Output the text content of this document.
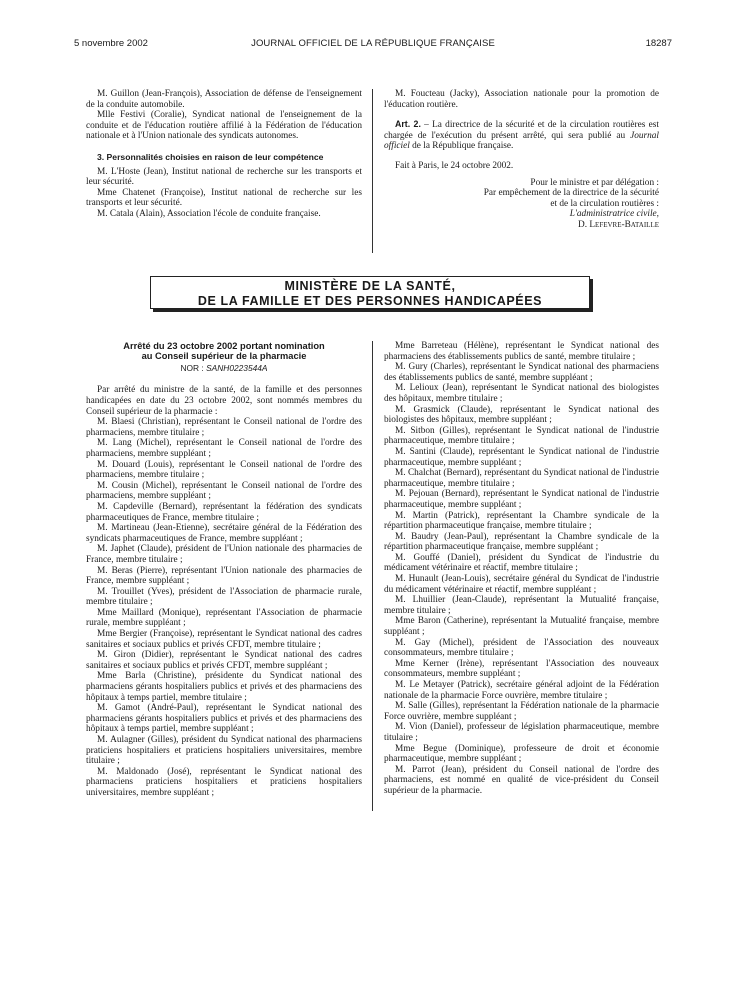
5 novembre 2002	JOURNAL OFFICIEL DE LA RÉPUBLIQUE FRANÇAISE	18287

M. Guillon (Jean-François), Association de défense de l'enseignement de la conduite automobile.

Mlle Festivi (Coralie), Syndicat national de l'enseignement de la conduite et de l'éducation routière affilié à la Fédération de l'éducation nationale et à l'Union nationale des syndicats autonomes.

3. Personnalités choisies en raison de leur compétence

M. L'Hoste (Jean), Institut national de recherche sur les transports et leur sécurité.

Mme Chatenet (Françoise), Institut national de recherche sur les transports et leur sécurité.

M. Catala (Alain), Association l'école de conduite française.

M. Foucteau (Jacky), Association nationale pour la promotion de l'éducation routière.

Art. 2. – La directrice de la sécurité et de la circulation routières est chargée de l'exécution du présent arrêté, qui sera publié au Journal officiel de la République française.

Fait à Paris, le 24 octobre 2002.

Pour le ministre et par délégation :
Par empêchement de la directrice de la sécurité
et de la circulation routières :
L'administratrice civile,
D. Lefevre-Bataille
MINISTÈRE DE LA SANTÉ,
DE LA FAMILLE ET DES PERSONNES HANDICAPÉES
Arrêté du 23 octobre 2002 portant nomination
au Conseil supérieur de la pharmacie
NOR : SANH0223544A

Par arrêté du ministre de la santé, de la famille et des personnes handicapées en date du 23 octobre 2002, sont nommés membres du Conseil supérieur de la pharmacie :

M. Blaesi (Christian), représentant le Conseil national de l'ordre des pharmaciens, membre titulaire ;

M. Lang (Michel), représentant le Conseil national de l'ordre des pharmaciens, membre suppléant ;

M. Douard (Louis), représentant le Conseil national de l'ordre des pharmaciens, membre titulaire ;

M. Cousin (Michel), représentant le Conseil national de l'ordre des pharmaciens, membre suppléant ;

M. Capdeville (Bernard), représentant la fédération des syndicats pharmaceutiques de France, membre titulaire ;

M. Martineau (Jean-Etienne), secrétaire général de la Fédération des syndicats pharmaceutiques de France, membre suppléant ;

M. Japhet (Claude), président de l'Union nationale des pharmacies de France, membre titulaire ;

M. Beras (Pierre), représentant l'Union nationale des pharmacies de France, membre suppléant ;

M. Trouillet (Yves), président de l'Association de pharmacie rurale, membre titulaire ;

Mme Maillard (Monique), représentant l'Association de pharmacie rurale, membre suppléant ;

Mme Bergier (Françoise), représentant le Syndicat national des cadres sanitaires et sociaux publics et privés CFDT, membre titulaire ;

M. Giron (Didier), représentant le Syndicat national des cadres sanitaires et sociaux publics et privés CFDT, membre suppléant ;

Mme Barla (Christine), présidente du Syndicat national des pharmaciens gérants hospitaliers publics et privés et des pharmaciens des hôpitaux à temps partiel, membre titulaire ;

M. Gamot (André-Paul), représentant le Syndicat national des pharmaciens gérants hospitaliers publics et privés et des pharmaciens des hôpitaux à temps partiel, membre suppléant ;

M. Aulagner (Gilles), président du Syndicat national des pharmaciens praticiens hospitaliers et praticiens hospitaliers universitaires, membre titulaire ;

M. Maldonado (José), représentant le Syndicat national des pharmaciens praticiens hospitaliers et praticiens hospitaliers universitaires, membre suppléant ;

Mme Barreteau (Hélène), représentant le Syndicat national des pharmaciens des établissements publics de santé, membre titulaire ;

M. Gury (Charles), représentant le Syndicat national des pharmaciens des établissements publics de santé, membre suppléant ;

M. Lelioux (Jean), représentant le Syndicat national des biologistes des hôpitaux, membre titulaire ;

M. Grasmick (Claude), représentant le Syndicat national des biologistes des hôpitaux, membre suppléant ;

M. Sitbon (Gilles), représentant le Syndicat national de l'industrie pharmaceutique, membre titulaire ;

M. Santini (Claude), représentant le Syndicat national de l'industrie pharmaceutique, membre suppléant ;

M. Chalchat (Bernard), représentant du Syndicat national de l'industrie pharmaceutique, membre titulaire ;

M. Pejouan (Bernard), représentant le Syndicat national de l'industrie pharmaceutique, membre suppléant ;

M. Martin (Patrick), représentant la Chambre syndicale de la répartition pharmaceutique française, membre titulaire ;

M. Baudry (Jean-Paul), représentant la Chambre syndicale de la répartition pharmaceutique française, membre suppléant ;

M. Gouffé (Daniel), président du Syndicat de l'industrie du médicament vétérinaire et réactif, membre titulaire ;

M. Hunault (Jean-Louis), secrétaire général du Syndicat de l'industrie du médicament vétérinaire et réactif, membre suppléant ;

M. Lhuillier (Jean-Claude), représentant la Mutualité française, membre titulaire ;

Mme Baron (Catherine), représentant la Mutualité française, membre suppléant ;

M. Gay (Michel), président de l'Association des nouveaux consommateurs, membre titulaire ;

Mme Kerner (Irène), représentant l'Association des nouveaux consommateurs, membre suppléant ;

M. Le Metayer (Patrick), secrétaire général adjoint de la Fédération nationale de la pharmacie Force ouvrière, membre titulaire ;

M. Salle (Gilles), représentant la Fédération nationale de la pharmacie Force ouvrière, membre suppléant ;

M. Vion (Daniel), professeur de législation pharmaceutique, membre titulaire ;

Mme Begue (Dominique), professeure de droit et économie pharmaceutique, membre suppléant ;

M. Parrot (Jean), président du Conseil national de l'ordre des pharmaciens, est nommé en qualité de vice-président du Conseil supérieur de la pharmacie.
